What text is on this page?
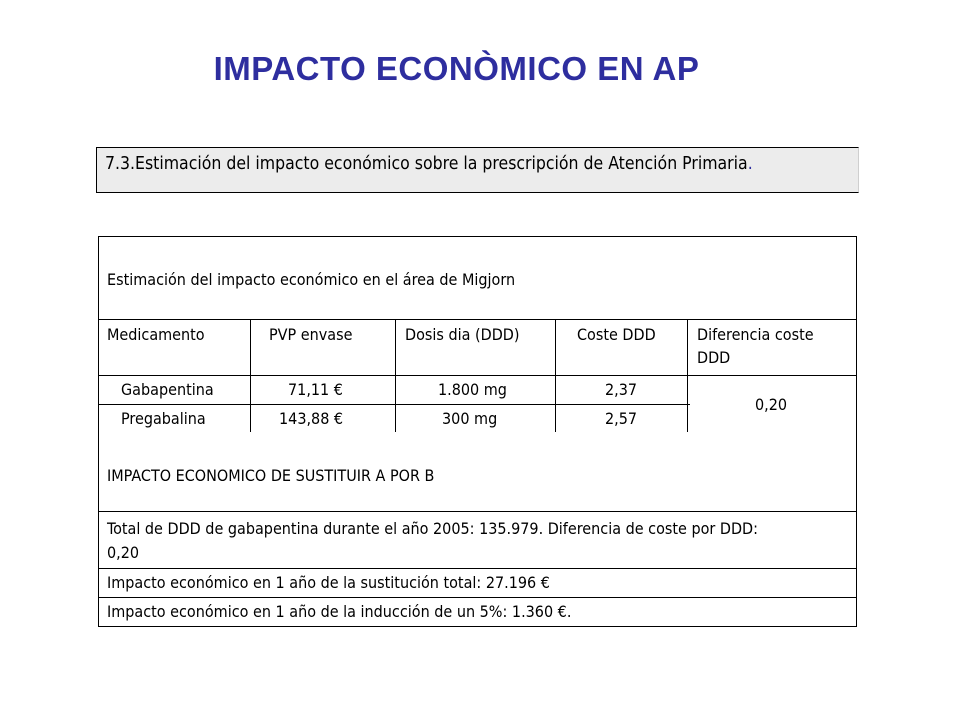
IMPACTO ECONÒMICO EN AP
7.3.Estimación del impacto económico sobre la prescripción de Atención Primaria.
Estimación del impacto económico en el área de Migjorn
Medicamento	PVP envase	Dosis dia (DDD)	Coste DDD	Diferencia coste
DDD
Gabapentina	71,11 €	1.800 mg	2,37
Pregabalina	143,88 €	300 mg	2,57
0,20
IMPACTO ECONOMICO DE SUSTITUIR A POR B
Total de DDD de gabapentina durante el año 2005: 135.979. Diferencia de coste por DDD:
0,20
Impacto económico en 1 año de la sustitución total: 27.196 €
Impacto económico en 1 año de la inducción de un 5%: 1.360 €.
